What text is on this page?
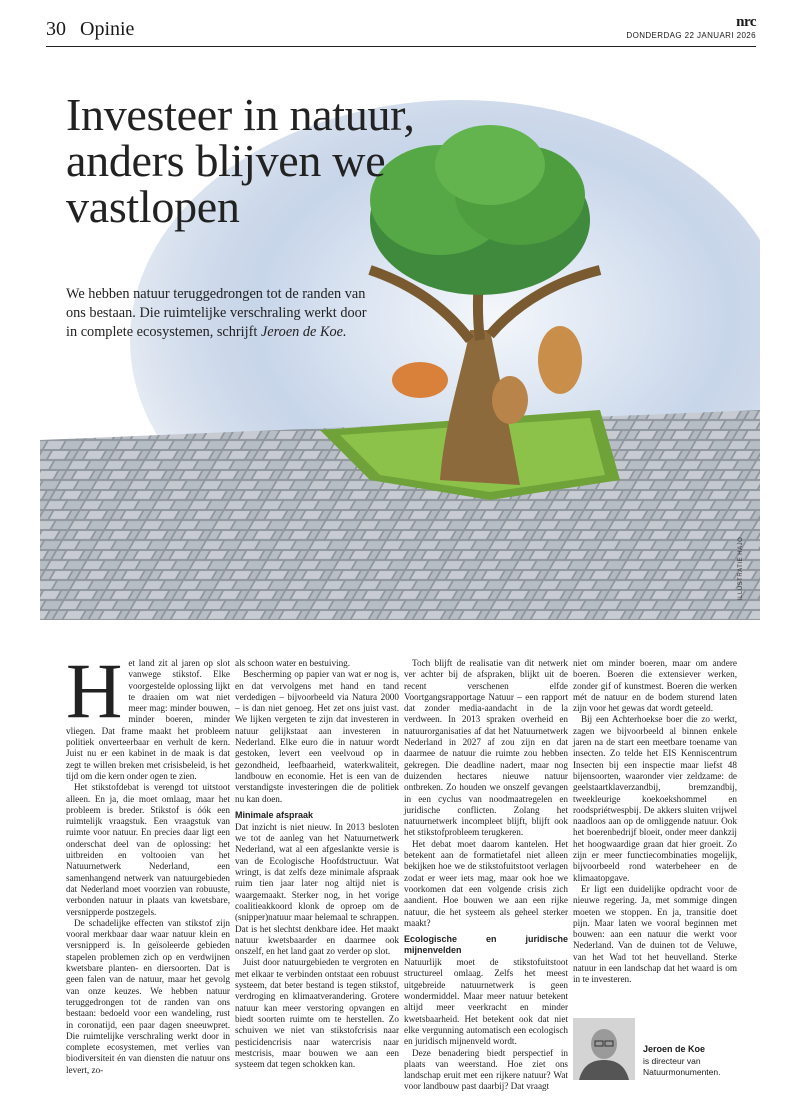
30 Opinie	nrc
DONDERDAG 22 JANUARI 2026
ILLUSTRATIE HAJO
Investeer in natuur, anders blijven we vastlopen
We hebben natuur teruggedrongen tot de randen van ons bestaan. Die ruimtelijke verschraling werkt door in complete ecosystemen, schrijft Jeroen de Koe.
H et land zit al jaren op slot vanwege stikstof. Elke voorgestelde oplossing lijkt te draaien om wat niet meer mag: minder bouwen, minder boeren, minder vliegen. Dat frame maakt het probleem politiek onverteerbaar en verhult de kern. Juist nu er een kabinet in de maak is dat zegt te willen breken met crisisbeleid, is het tijd om die kern onder ogen te zien.

Het stikstofdebat is verengd tot uitstoot alleen. En ja, die moet omlaag, maar het probleem is breder. Stikstof is óók een ruimtelijk vraagstuk. Een vraagstuk van ruimte voor natuur. En precies daar ligt een onderschat deel van de oplossing: het uitbreiden en voltooien van het Natuurnetwerk Nederland, een samenhangend netwerk van natuurgebieden dat Nederland moet voorzien van robuuste, verbonden natuur in plaats van kwetsbare, versnipperde postzegels.

De schadelijke effecten van stikstof zijn vooral merkbaar daar waar natuur klein en versnipperd is. In geïsoleerde gebieden stapelen problemen zich op en verdwijnen kwetsbare planten- en diersoorten. Dat is geen falen van de natuur, maar het gevolg van onze keuzes. We hebben natuur teruggedrongen tot de randen van ons bestaan: bedoeld voor een wandeling, rust in coronatijd, een paar dagen sneeuwpret. Die ruimtelijke verschraling werkt door in complete ecosystemen, met verlies van biodiversiteit én van diensten die natuur ons levert, zo-

als schoon water en bestuiving.

Bescherming op papier van wat er nog is, en dat vervolgens met hand en tand verdedigen – bijvoorbeeld via Natura 2000 – is dan niet genoeg. Het zet ons juist vast. We lijken vergeten te zijn dat investeren in natuur gelijkstaat aan investeren in Nederland. Elke euro die in natuur wordt gestoken, levert een veelvoud op in gezondheid, leefbaarheid, waterkwaliteit, landbouw en economie. Het is een van de verstandigste investeringen die de politiek nu kan doen.

Minimale afspraak

Dat inzicht is niet nieuw. In 2013 besloten we tot de aanleg van het Natuurnetwerk Nederland, wat al een afgeslankte versie is van de Ecologische Hoofdstructuur. Wat wringt, is dat zelfs deze minimale afspraak ruim tien jaar later nog altijd niet is waargemaakt. Sterker nog, in het vorige coalitieakkoord klonk de oproep om de (snipper)natuur maar helemaal te schrappen. Dat is het slechtst denkbare idee. Het maakt natuur kwetsbaarder en daarmee ook onszelf, en het land gaat zo verder op slot.

Juist door natuurgebieden te vergroten en met elkaar te verbinden ontstaat een robuust systeem, dat beter bestand is tegen stikstof, verdroging en klimaatverandering. Grotere natuur kan meer verstoring opvangen en biedt soorten ruimte om te herstellen. Zo schuiven we niet van stikstofcrisis naar pesticidencrisis naar watercrisis naar mestcrisis, maar bouwen we aan een systeem dat tegen schokken kan.

Toch blijft de realisatie van dit netwerk ver achter bij de afspraken, blijkt uit de recent verschenen elfde Voortgangsrapportage Natuur – een rapport dat zonder media-aandacht in de la verdween. In 2013 spraken overheid en natuurorganisaties af dat het Natuurnetwerk Nederland in 2027 af zou zijn en dat daarmee de natuur die ruimte zou hebben gekregen. Die deadline nadert, maar nog duizenden hectares nieuwe natuur ontbreken. Zo houden we onszelf gevangen in een cyclus van noodmaatregelen en juridische conflicten. Zolang het natuurnetwerk incompleet blijft, blijft ook het stikstofprobleem terugkeren.

Het debat moet daarom kantelen. Het betekent aan de formatietafel niet alleen bekijken hoe we de stikstofuitstoot verlagen zodat er weer iets mag, maar ook hoe we voorkomen dat een volgende crisis zich aandient. Hoe bouwen we aan een rijke natuur, die het systeem als geheel sterker maakt?

Ecologische en juridische mijnenvelden

Natuurlijk moet de stikstofuitstoot structureel omlaag. Zelfs het meest uitgebreide natuurnetwerk is geen wondermiddel. Maar meer natuur betekent altijd meer veerkracht en minder kwetsbaarheid. Het betekent ook dat niet elke vergunning automatisch een ecologisch en juridisch mijnenveld wordt.

Deze benadering biedt perspectief in plaats van weerstand. Hoe ziet ons landschap eruit met een rijkere natuur? Wat voor landbouw past daarbij? Dat vraagt

niet om minder boeren, maar om andere boeren. Boeren die extensiever werken, zonder gif of kunstmest. Boeren die werken mét de natuur en de bodem sturend laten zijn voor het gewas dat wordt geteeld.

Bij een Achterhoekse boer die zo werkt, zagen we bijvoorbeeld al binnen enkele jaren na de start een meetbare toename van insecten. Zo telde het EIS Kenniscentrum Insecten bij een inspectie maar liefst 48 bijensoorten, waaronder vier zeldzame: de geelstaartklaverzandbij, bremzandbij, tweekleurige koekoekshommel en roodspriétwespbij. De akkers sluiten vrijwel naadloos aan op de omliggende natuur. Ook het boerenbedrijf bloeit, onder meer dankzij het hoogwaardige graan dat hier groeit. Zo zijn er meer functiecombinaties mogelijk, bijvoorbeeld rond waterbeheer en de klimaatopgave.

Er ligt een duidelijke opdracht voor de nieuwe regering. Ja, met sommige dingen moeten we stoppen. En ja, transitie doet pijn. Maar laten we vooral beginnen met bouwen: aan een natuur die werkt voor Nederland. Van de duinen tot de Veluwe, van het Wad tot het heuvelland. Sterke natuur in een landschap dat het waard is om in te investeren.

Jeroen de Koe
is directeur van Natuurmonumenten.
